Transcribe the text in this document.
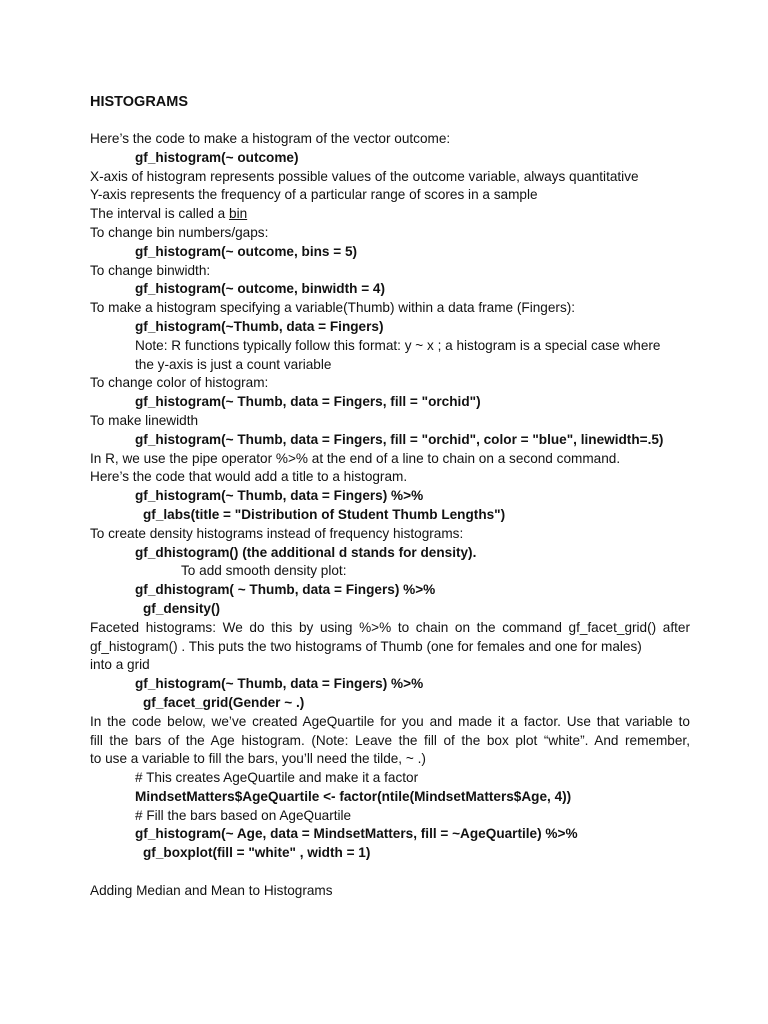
HISTOGRAMS
Here’s the code to make a histogram of the vector outcome:
gf_histogram(~ outcome)
X-axis of histogram represents possible values of the outcome variable, always quantitative
Y-axis represents the frequency of a particular range of scores in a sample
The interval is called a bin
To change bin numbers/gaps:
gf_histogram(~ outcome, bins = 5)
To change binwidth:
gf_histogram(~ outcome, binwidth = 4)
To make a histogram specifying a variable(Thumb) within a data frame (Fingers):
gf_histogram(~Thumb, data = Fingers)
Note: R functions typically follow this format: y ~ x ; a histogram is a special case where
the y-axis is just a count variable
To change color of histogram:
gf_histogram(~ Thumb, data = Fingers, fill = "orchid")
To make linewidth
gf_histogram(~ Thumb, data = Fingers, fill = "orchid", color = "blue", linewidth=.5)
In R, we use the pipe operator %>% at the end of a line to chain on a second command.
Here’s the code that would add a title to a histogram.
gf_histogram(~ Thumb, data = Fingers) %>%
gf_labs(title = "Distribution of Student Thumb Lengths")
To create density histograms instead of frequency histograms:
gf_dhistogram() (the additional d stands for density).
To add smooth density plot:
gf_dhistogram( ~ Thumb, data = Fingers) %>%
gf_density()
Faceted histograms: We do this by using %>% to chain on the command gf_facet_grid() after
gf_histogram() . This puts the two histograms of Thumb (one for females and one for males)
into a grid
gf_histogram(~ Thumb, data = Fingers) %>%
gf_facet_grid(Gender ~ .)
In the code below, we’ve created AgeQuartile for you and made it a factor. Use that variable to
fill the bars of the Age histogram. (Note: Leave the fill of the box plot “white”. And remember,
to use a variable to fill the bars, you’ll need the tilde, ~ .)
# This creates AgeQuartile and make it a factor
MindsetMatters$AgeQuartile <- factor(ntile(MindsetMatters$Age, 4))
# Fill the bars based on AgeQuartile
gf_histogram(~ Age, data = MindsetMatters, fill = ~AgeQuartile) %>%
gf_boxplot(fill = "white" , width = 1)
Adding Median and Mean to Histograms
